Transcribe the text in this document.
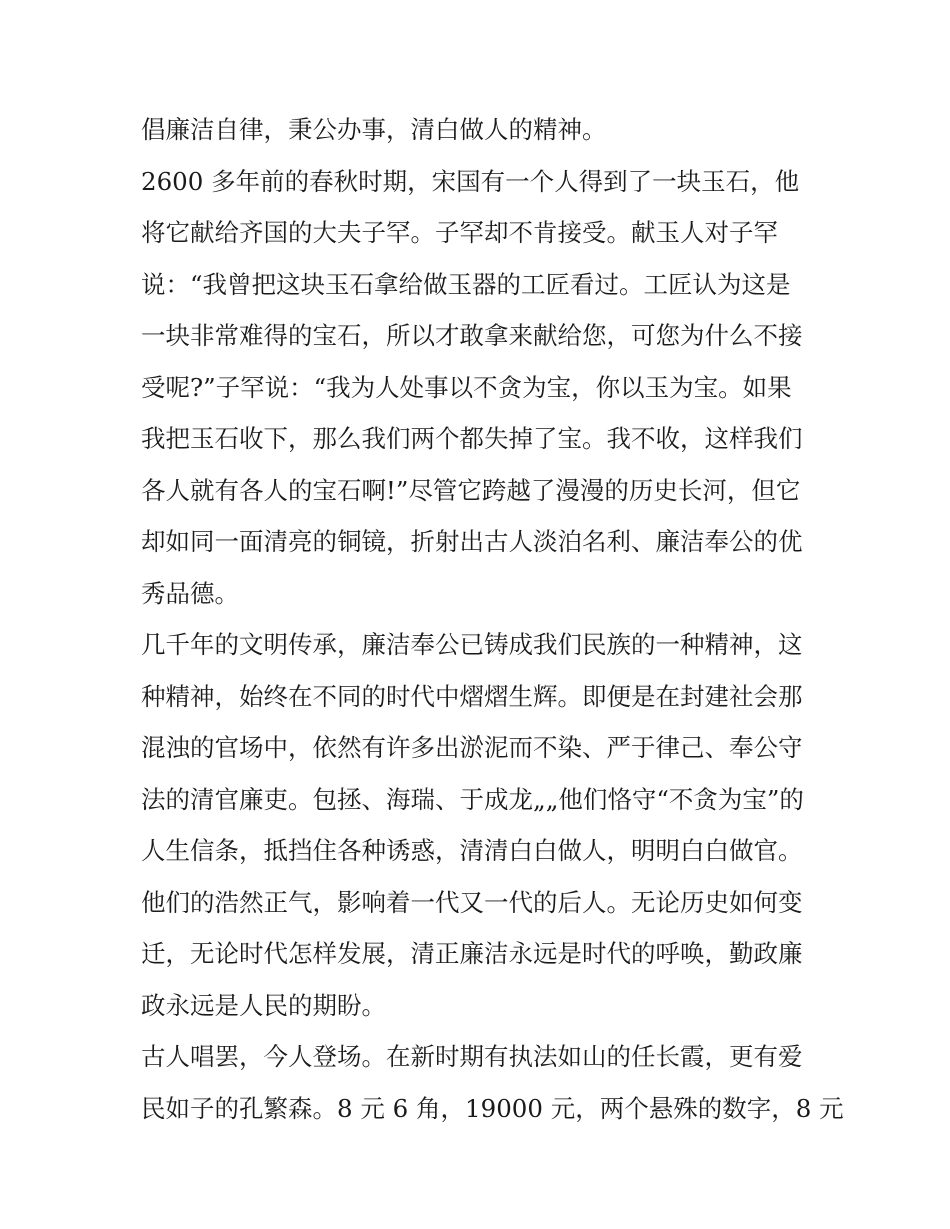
倡廉洁自律，秉公办事，清白做人的精神。
2600 多年前的春秋时期，宋国有一个人得到了一块玉石，他
将它献给齐国的大夫子罕。子罕却不肯接受。献玉人对子罕
说：“我曾把这块玉石拿给做玉器的工匠看过。工匠认为这是
一块非常难得的宝石，所以才敢拿来献给您，可您为什么不接
受呢?”子罕说：“我为人处事以不贪为宝，你以玉为宝。如果
我把玉石收下，那么我们两个都失掉了宝。我不收，这样我们
各人就有各人的宝石啊!”尽管它跨越了漫漫的历史长河，但它
却如同一面清亮的铜镜，折射出古人淡泊名利、廉洁奉公的优
秀品德。
几千年的文明传承，廉洁奉公已铸成我们民族的一种精神，这
种精神，始终在不同的时代中熠熠生辉。即便是在封建社会那
混浊的官场中，依然有许多出淤泥而不染、严于律己、奉公守
法的清官廉吏。包拯、海瑞、于成龙„„他们恪守“不贪为宝”的
人生信条，抵挡住各种诱惑，清清白白做人，明明白白做官。
他们的浩然正气，影响着一代又一代的后人。无论历史如何变
迁，无论时代怎样发展，清正廉洁永远是时代的呼唤，勤政廉
政永远是人民的期盼。
古人唱罢，今人登场。在新时期有执法如山的任长霞，更有爱
民如子的孔繁森。8 元 6 角，19000 元，两个悬殊的数字，8 元
